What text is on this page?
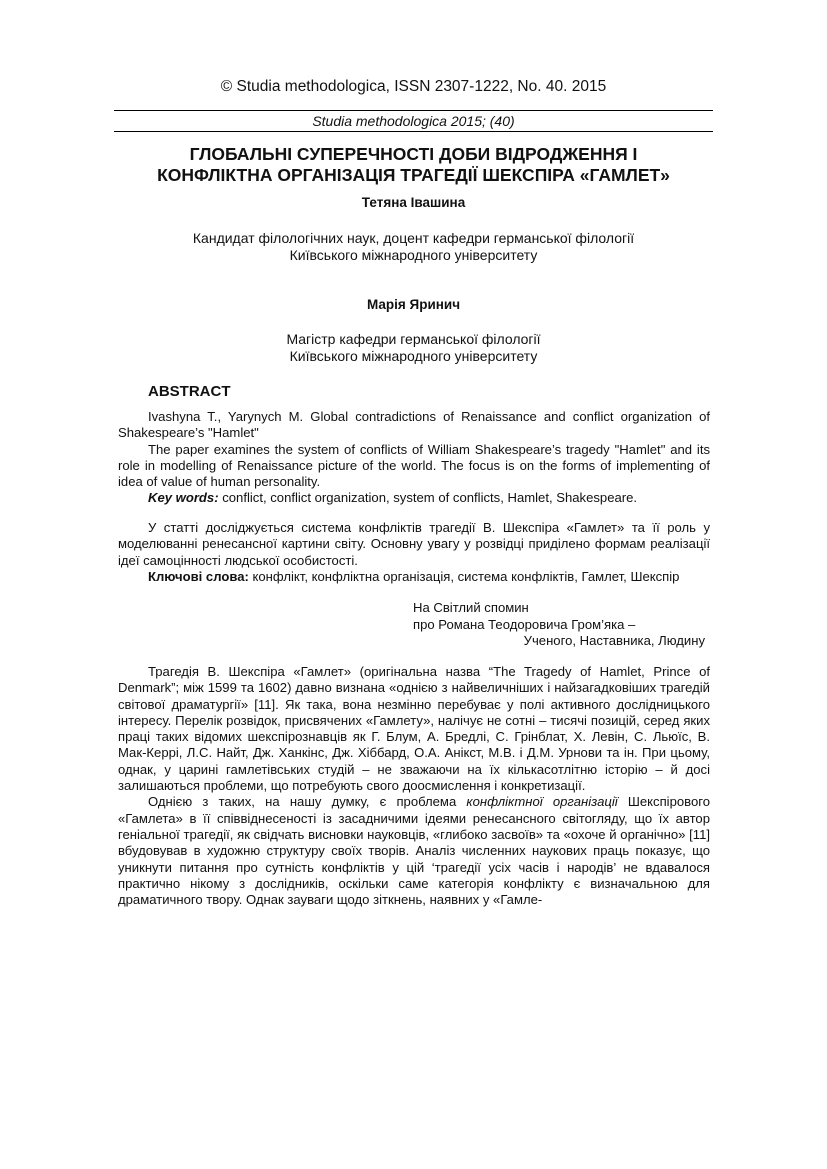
© Studia methodologica, ISSN 2307-1222, No. 40. 2015
Studia methodologica 2015; (40)
ГЛОБАЛЬНІ СУПЕРЕЧНОСТІ ДОБИ ВІДРОДЖЕННЯ І
КОНФЛІКТНА ОРГАНІЗАЦІЯ ТРАГЕДІЇ ШЕКСПІРА «ГАМЛЕТ»
Тетяна Івашина
Кандидат філологічних наук, доцент кафедри германської філології
Київського міжнародного університету
Марія Яринич
Магістр кафедри германської філології
Київського міжнародного університету
ABSTRACT

Ivashyna T., Yarynych M. Global contradictions of Renaissance and conflict organization of Shakespeare’s "Hamlet"

The paper examines the system of conflicts of William Shakespeare’s tragedy "Hamlet" and its role in modelling of Renaissance picture of the world. The focus is on the forms of implementing of idea of value of human personality.

Key words: conflict, conflict organization, system of conflicts, Hamlet, Shakespeare.

У статті досліджується система конфліктів трагедії В. Шекспіра «Гамлет» та її роль у моделюванні ренесансної картини світу. Основну увагу у розвідці приділено формам реалізації ідеї самоцінності людської особистості.

Ключові слова: конфлікт, конфліктна організація, система конфліктів, Гамлет, Шекспір

На Світлий спомин
про Романа Теодоровича Гром’яка –
Ученого, Наставника, Людину

Трагедія В. Шекспіра «Гамлет» (оригінальна назва “The Tragedy of Hamlet, Prince of Denmark”; між 1599 та 1602) давно визнана «однією з найвеличніших і найзагадковіших трагедій світової драматургії» [11]. Як така, вона незмінно перебуває у полі активного дослідницького інтересу. Перелік розвідок, присвячених «Гамлету», налічує не сотні – тисячі позицій, серед яких праці таких відомих шекспірознавців як Г. Блум, А. Бредлі, С. Грінблат, Х. Левін, С. Льюїс, В. Мак-Керрі, Л.С. Найт, Дж. Ханкінс, Дж. Хіббард, О.А. Анікст, М.В. і Д.М. Урнови та ін. При цьому, однак, у царині гамлетівських студій – не зважаючи на їх кількасотлітню історію – й досі залишаються проблеми, що потребують свого доосмислення і конкретизації.

Однією з таких, на нашу думку, є проблема конфліктної організації Шекспірового «Гамлета» в її співвіднесеності із засадничими ідеями ренесансного світогляду, що їх автор геніальної трагедії, як свідчать висновки науковців, «глибоко засвоїв» та «охоче й органічно» [11] вбудовував в художню структуру своїх творів. Аналіз численних наукових праць показує, що уникнути питання про сутність конфліктів у цій ‘трагедії усіх часів і народів’ не вдавалося практично нікому з дослідників, оскільки саме категорія конфлікту є визначальною для драматичного твору. Однак зауваги щодо зіткнень, наявних у «Гамле-
